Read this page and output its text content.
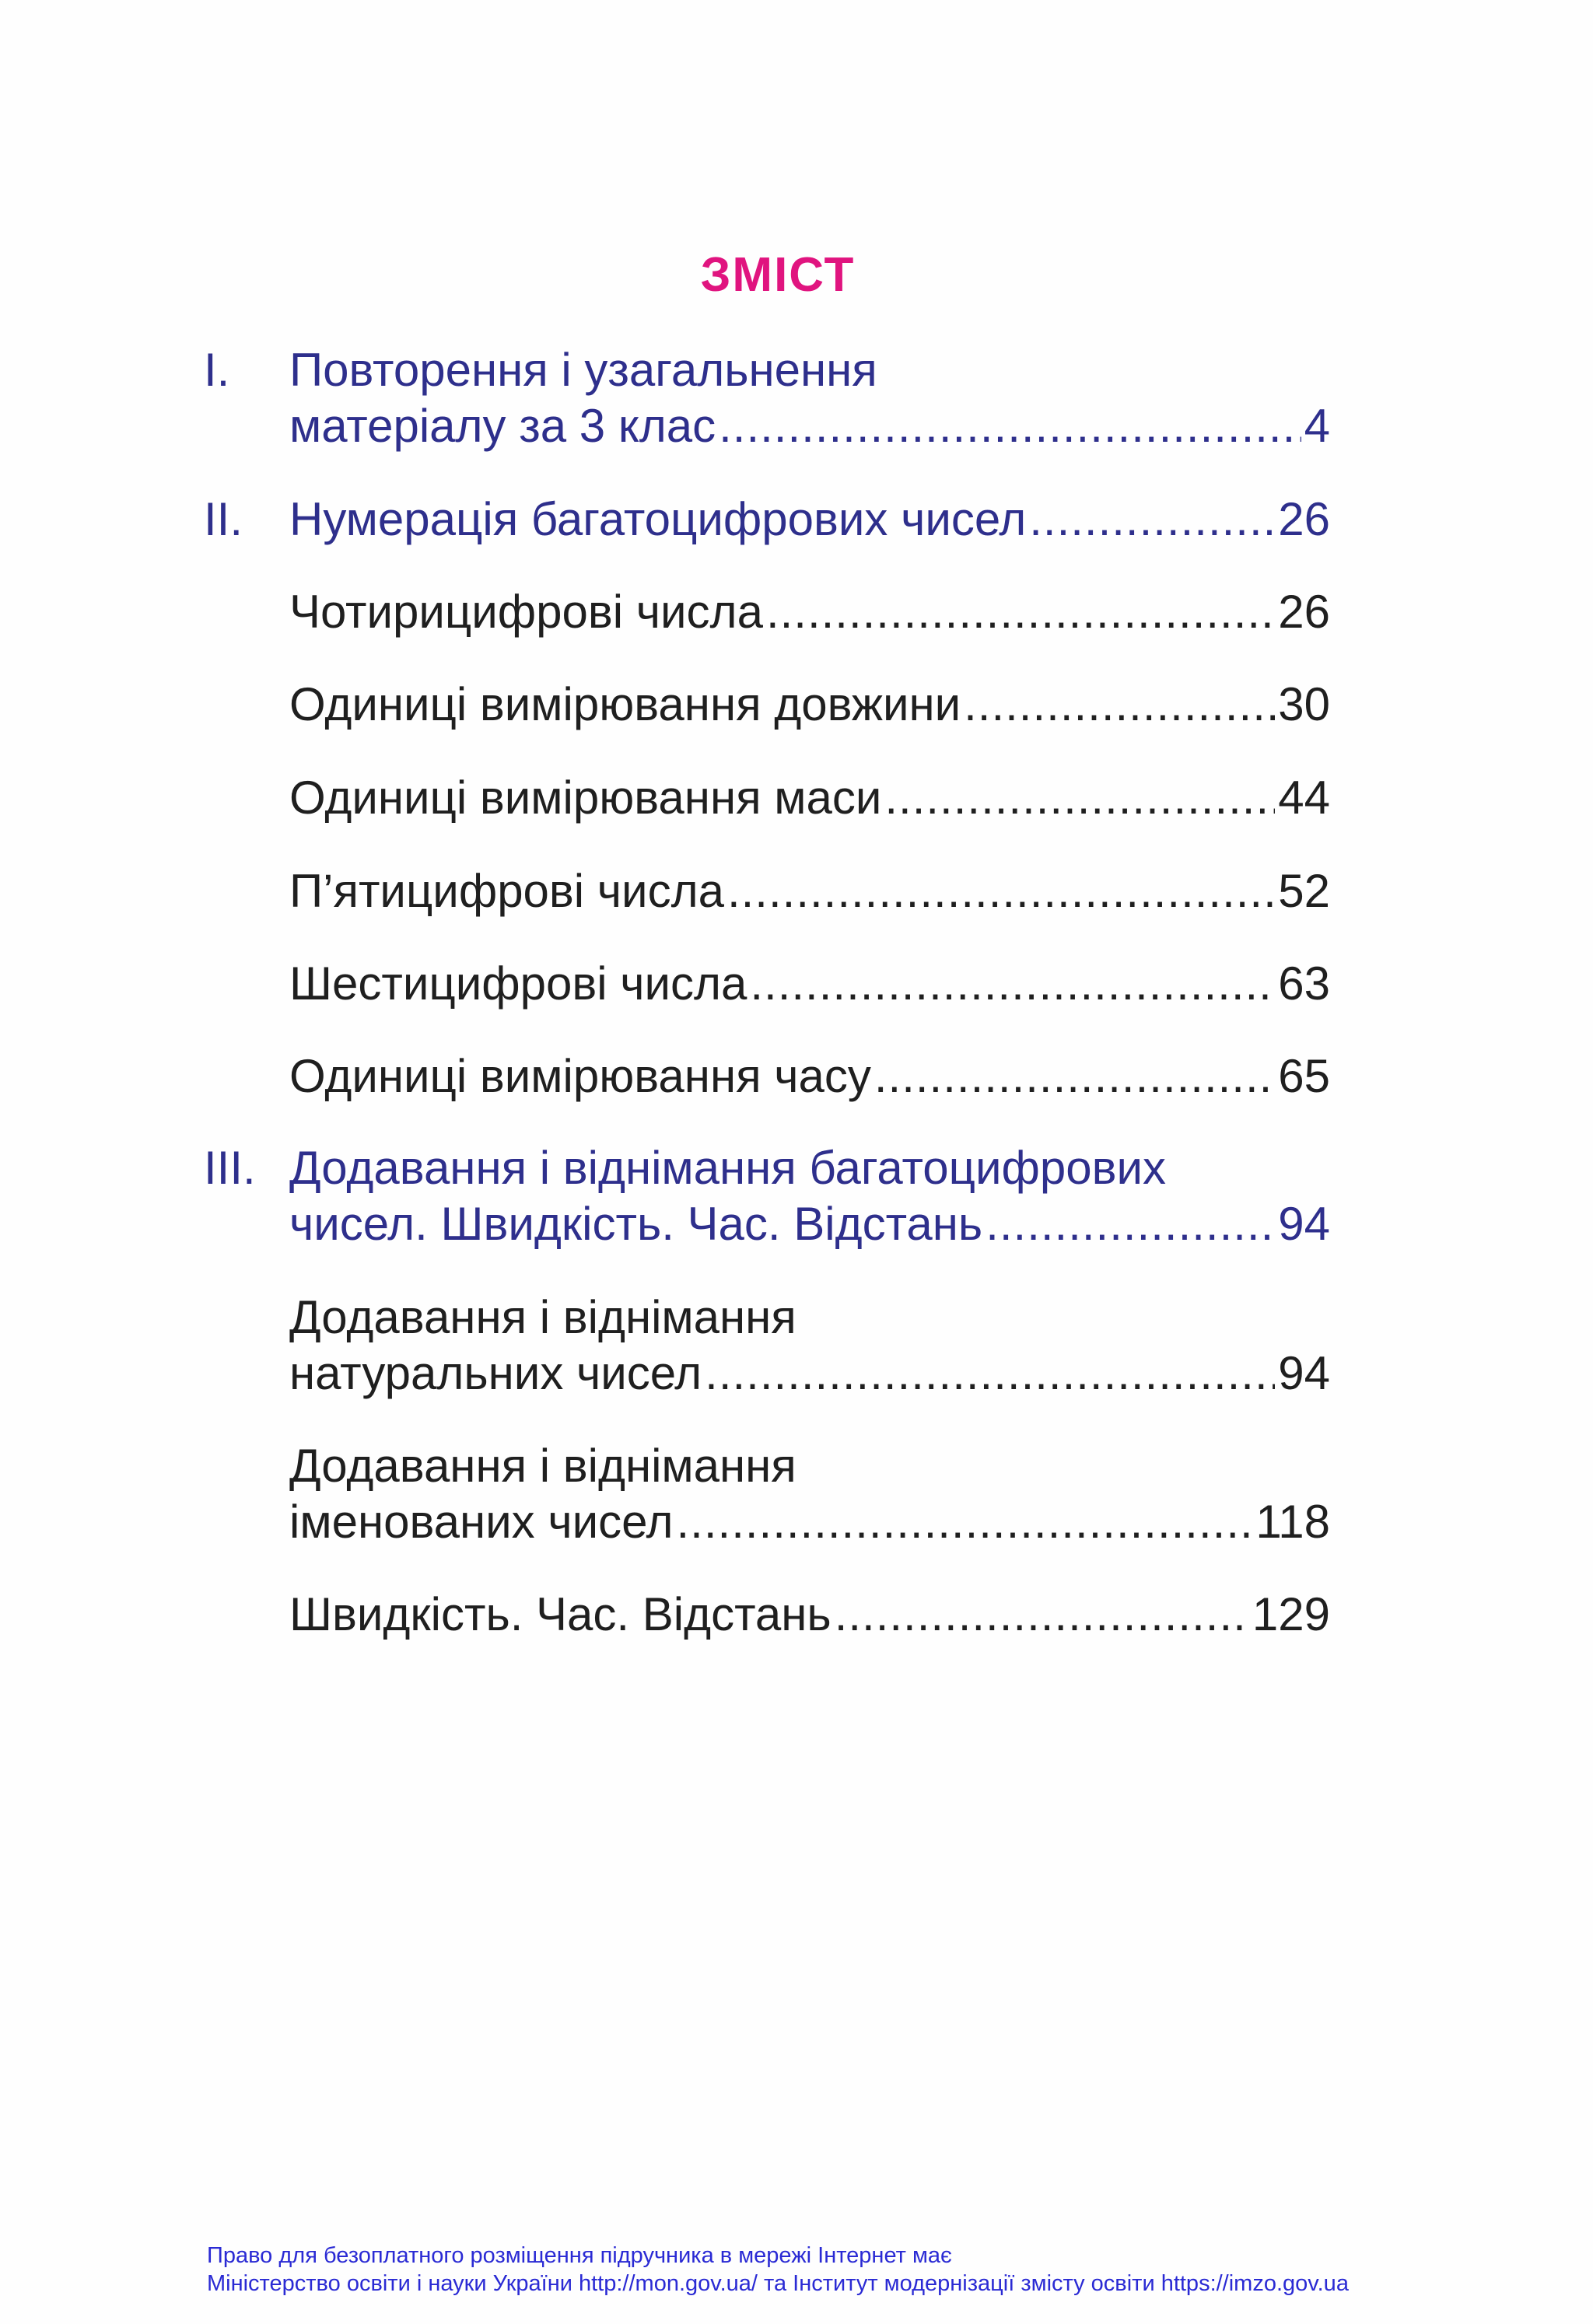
ЗМІСТ
I.	Повторення і узагальнення
матеріалу за 3 клас .....	4
II. Нумерація багатоцифрових чисел .....	26
Чотирицифрові числа .....	26
Одиниці вимірювання довжини .....	30
Одиниці вимірювання маси .....	44
П’ятицифрові числа .....	52
Шестицифрові числа .....	63
Одиниці вимірювання часу .....	65
III. Додавання і віднімання багатоцифрових
чисел. Швидкість. Час. Відстань .....	94
Додавання і віднімання
натуральних чисел .....	94
Додавання і віднімання
іменованих чисел .....	118
Швидкість. Час. Відстань .....	129
Право для безоплатного розміщення підручника в мережі Інтернет має
Міністерство освіти і науки України http://mon.gov.ua/ та Інститут модернізації змісту освіти https://imzo.gov.ua
